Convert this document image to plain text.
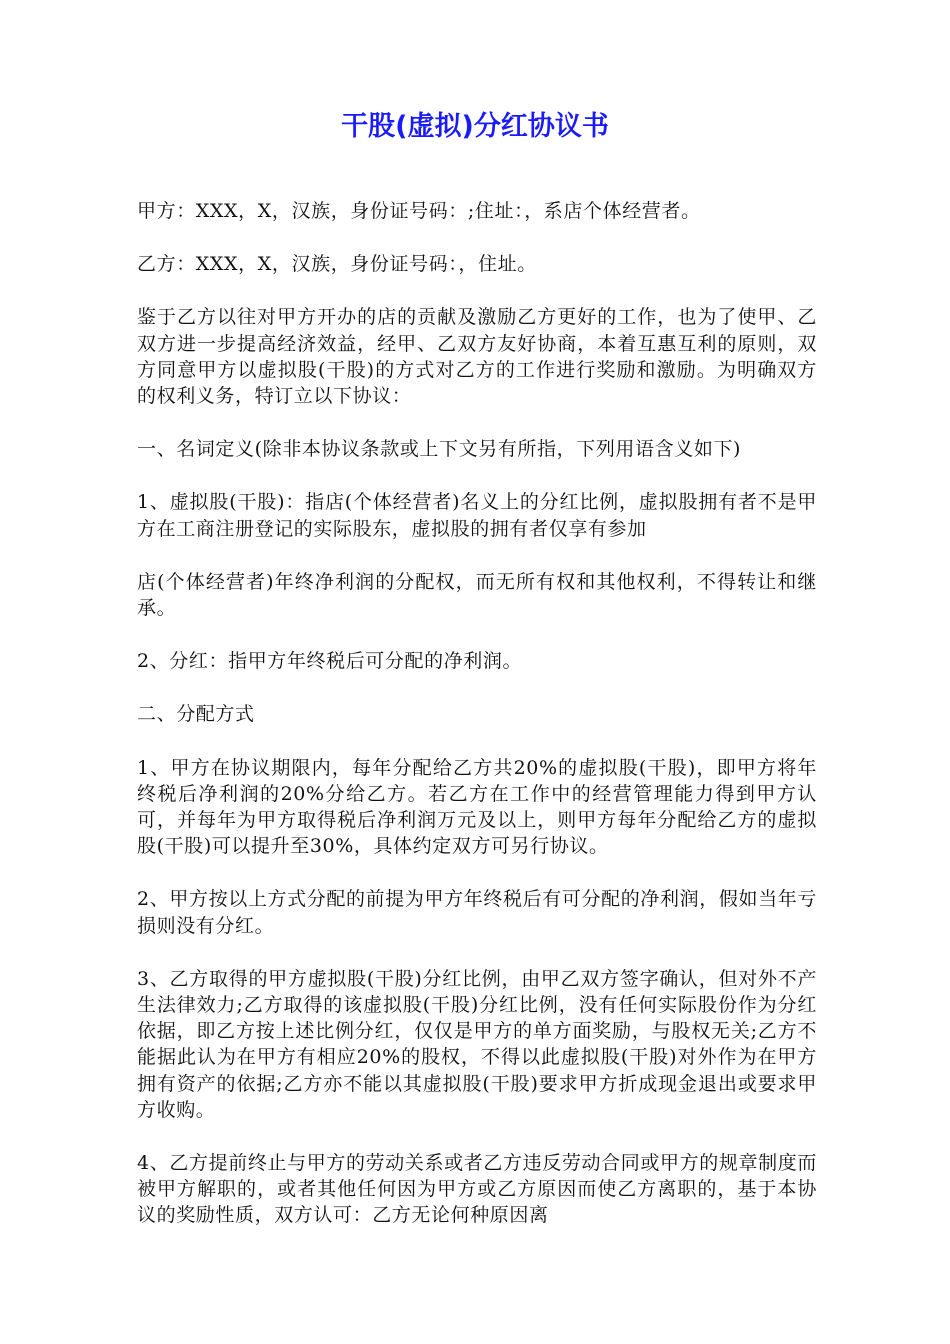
干股(虚拟)分红协议书

甲方：XXX，X，汉族，身份证号码：;住址：，系店个体经营者。

乙方：XXX，X，汉族，身份证号码：，住址。

鉴于乙方以往对甲方开办的店的贡献及激励乙方更好的工作，也为了使甲、乙双方进一步提高经济效益，经甲、乙双方友好协商，本着互惠互利的原则，双方同意甲方以虚拟股(干股)的方式对乙方的工作进行奖励和激励。为明确双方的权利义务，特订立以下协议：

一、名词定义(除非本协议条款或上下文另有所指，下列用语含义如下)

1、虚拟股(干股)：指店(个体经营者)名义上的分红比例，虚拟股拥有者不是甲方在工商注册登记的实际股东，虚拟股的拥有者仅享有参加

店(个体经营者)年终净利润的分配权，而无所有权和其他权利，不得转让和继承。

2、分红：指甲方年终税后可分配的净利润。

二、分配方式

1、甲方在协议期限内，每年分配给乙方共20%的虚拟股(干股)，即甲方将年终税后净利润的20%分给乙方。若乙方在工作中的经营管理能力得到甲方认可，并每年为甲方取得税后净利润万元及以上，则甲方每年分配给乙方的虚拟股(干股)可以提升至30%，具体约定双方可另行协议。

2、甲方按以上方式分配的前提为甲方年终税后有可分配的净利润，假如当年亏损则没有分红。

3、乙方取得的甲方虚拟股(干股)分红比例，由甲乙双方签字确认，但对外不产生法律效力;乙方取得的该虚拟股(干股)分红比例，没有任何实际股份作为分红依据，即乙方按上述比例分红，仅仅是甲方的单方面奖励，与股权无关;乙方不能据此认为在甲方有相应20%的股权，不得以此虚拟股(干股)对外作为在甲方拥有资产的依据;乙方亦不能以其虚拟股(干股)要求甲方折成现金退出或要求甲方收购。

4、乙方提前终止与甲方的劳动关系或者乙方违反劳动合同或甲方的规章制度而被甲方解职的，或者其他任何因为甲方或乙方原因而使乙方离职的，基于本协议的奖励性质，双方认可：乙方无论何种原因离
